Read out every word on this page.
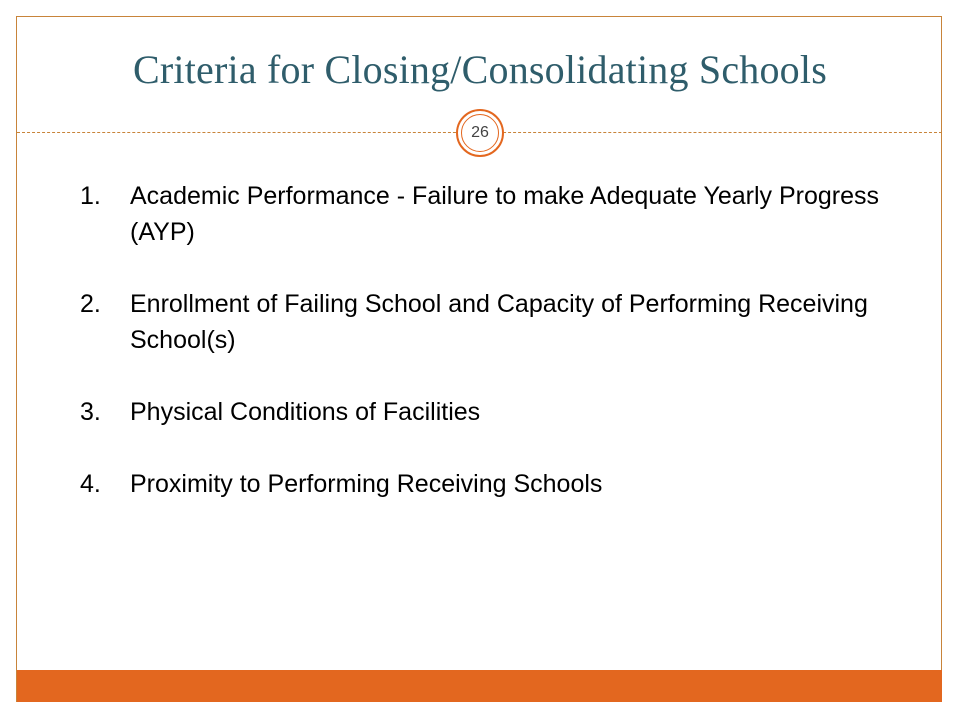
Criteria for Closing/Consolidating Schools
26
1. Academic Performance - Failure to make Adequate Yearly Progress (AYP)
2. Enrollment of Failing School and Capacity of Performing Receiving School(s)
3. Physical Conditions of Facilities
4. Proximity to Performing Receiving Schools
